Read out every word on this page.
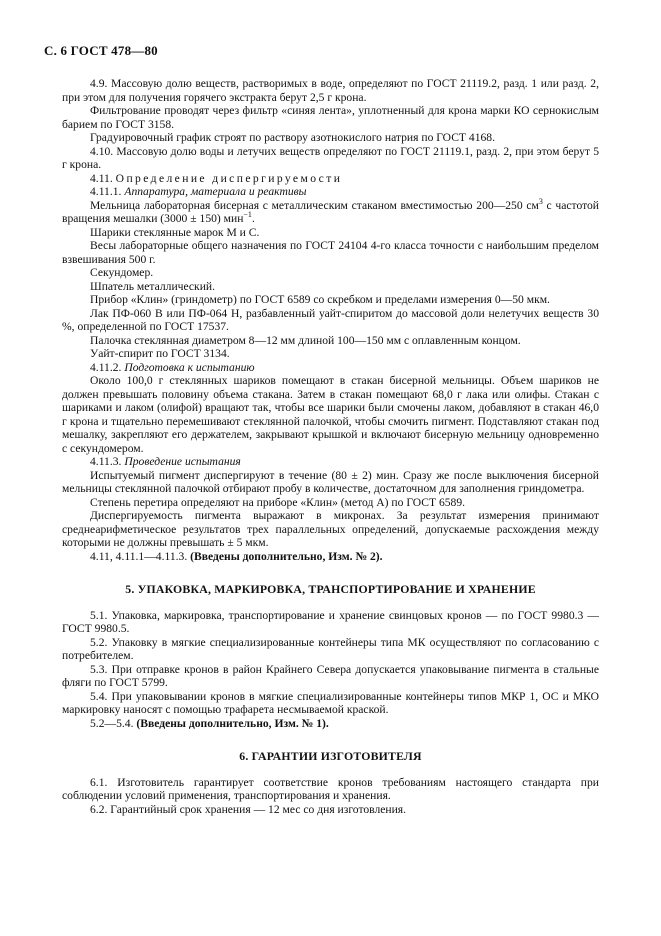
С. 6 ГОСТ 478—80

4.9. Массовую долю веществ, растворимых в воде, определяют по ГОСТ 21119.2, разд. 1 или разд. 2, при этом для получения горячего экстракта берут 2,5 г крона.

Фильтрование проводят через фильтр «синяя лента», уплотненный для крона марки КО сернокислым барием по ГОСТ 3158.

Градуировочный график строят по раствору азотнокислого натрия по ГОСТ 4168.

4.10. Массовую долю воды и летучих веществ определяют по ГОСТ 21119.1, разд. 2, при этом берут 5 г крона.

4.11. Определение диспергируемости

4.11.1. Аппаратура, материала и реактивы

Мельница лабораторная бисерная с металлическим стаканом вместимостью 200—250 $см^3$ с частотой вращения мешалки (3000 ± 150) мин$^{-1}$.

Шарики стеклянные марок М и С.

Весы лабораторные общего назначения по ГОСТ 24104 4-го класса точности с наибольшим пределом взвешивания 500 г.

Секундомер.

Шпатель металлический.

Прибор «Клин» (гриндометр) по ГОСТ 6589 со скребком и пределами измерения 0—50 мкм.

Лак ПФ-060 В или ПФ-064 Н, разбавленный уайт-спиритом до массовой доли нелетучих веществ 30 %, определенной по ГОСТ 17537.

Палочка стеклянная диаметром 8—12 мм длиной 100—150 мм с оплавленным концом.

Уайт-спирит по ГОСТ 3134.

4.11.2. Подготовка к испытанию

Около 100,0 г стеклянных шариков помещают в стакан бисерной мельницы. Объем шариков не должен превышать половину объема стакана. Затем в стакан помещают 68,0 г лака или олифы. Стакан с шариками и лаком (олифой) вращают так, чтобы все шарики были смочены лаком, добавляют в стакан 46,0 г крона и тщательно перемешивают стеклянной палочкой, чтобы смочить пигмент. Подставляют стакан под мешалку, закрепляют его держателем, закрывают крышкой и включают бисерную мельницу одновременно с секундомером.

4.11.3. Проведение испытания

Испытуемый пигмент диспергируют в течение (80 ± 2) мин. Сразу же после выключения бисерной мельницы стеклянной палочкой отбирают пробу в количестве, достаточном для заполнения гриндометра.

Степень перетира определяют на приборе «Клин» (метод А) по ГОСТ 6589.

Диспергируемость пигмента выражают в микронах. За результат измерения принимают среднеарифметическое результатов трех параллельных определений, допускаемые расхождения между которыми не должны превышать ± 5 мкм.

4.11, 4.11.1—4.11.3. (Введены дополнительно, Изм. № 2).

5. УПАКОВКА, МАРКИРОВКА, ТРАНСПОРТИРОВАНИЕ И ХРАНЕНИЕ

5.1. Упаковка, маркировка, транспортирование и хранение свинцовых кронов — по ГОСТ 9980.3 — ГОСТ 9980.5.

5.2. Упаковку в мягкие специализированные контейнеры типа МК осуществляют по согласованию с потребителем.

5.3. При отправке кронов в район Крайнего Севера допускается упаковывание пигмента в стальные фляги по ГОСТ 5799.

5.4. При упаковывании кронов в мягкие специализированные контейнеры типов МКР 1, ОС и МКО маркировку наносят с помощью трафарета несмываемой краской.

5.2—5.4. (Введены дополнительно, Изм. № 1).

6. ГАРАНТИИ ИЗГОТОВИТЕЛЯ

6.1. Изготовитель гарантирует соответствие кронов требованиям настоящего стандарта при соблюдении условий применения, транспортирования и хранения.

6.2. Гарантийный срок хранения — 12 мес со дня изготовления.
